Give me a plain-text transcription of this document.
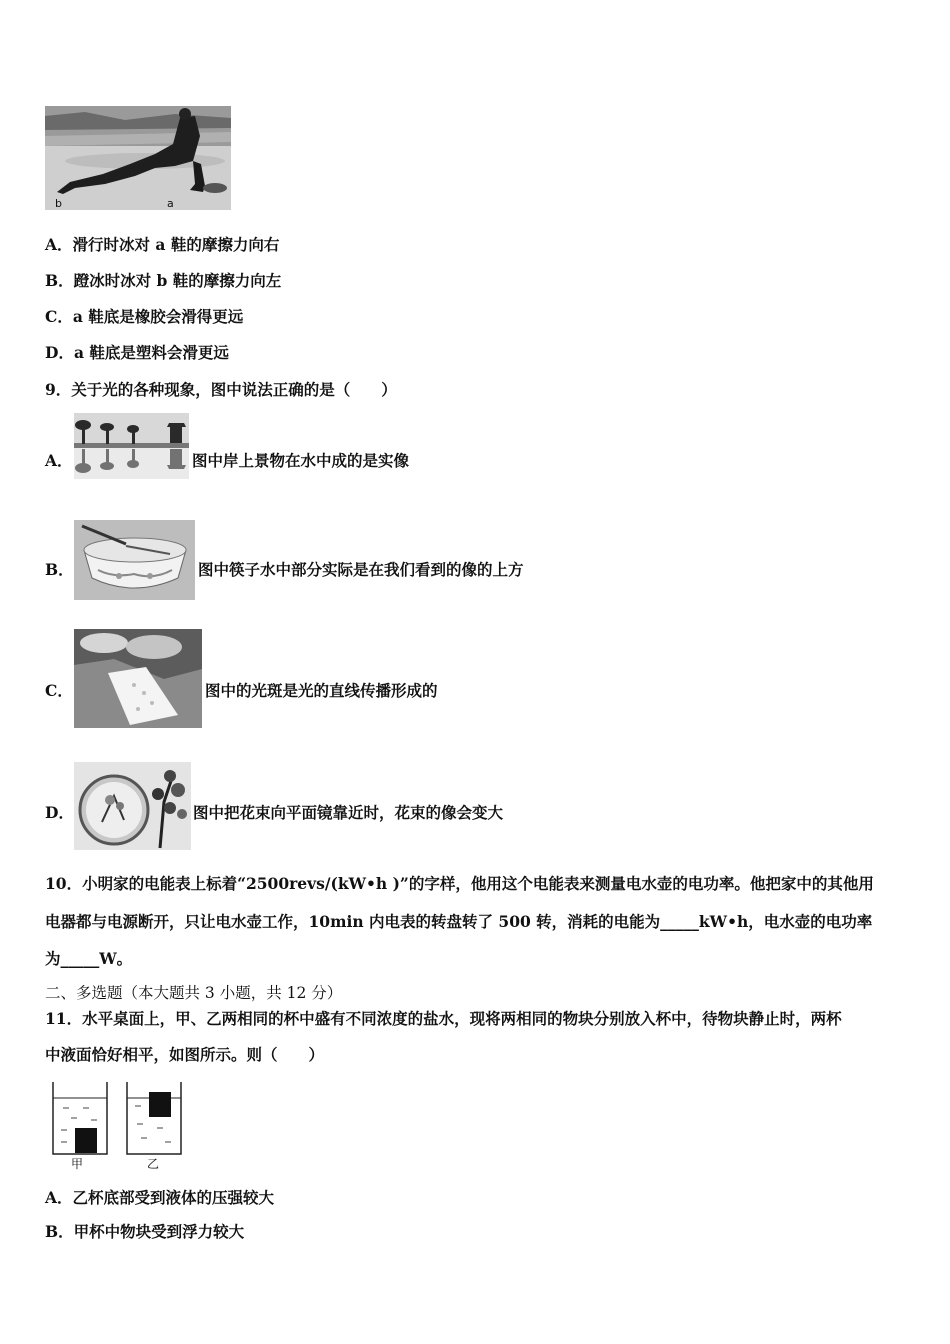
b	a
A．滑行时冰对 a 鞋的摩擦力向右
B．蹬冰时冰对 b 鞋的摩擦力向左
C．a 鞋底是橡胶会滑得更远
D．a 鞋底是塑料会滑更远
9．关于光的各种现象，图中说法正确的是（　　）
A．	图中岸上景物在水中成的是实像
B．	图中筷子水中部分实际是在我们看到的像的上方
C．	图中的光斑是光的直线传播形成的
D．	图中把花束向平面镜靠近时，花束的像会变大
10．小明家的电能表上标着“2500revs/(kW•h )”的字样，他用这个电能表来测量电水壶的电功率。他把家中的其他用
电器都与电源断开，只让电水壶工作，10min 内电表的转盘转了 500 转，消耗的电能为_____kW•h，电水壶的电功率
为_____W。
二、多选题（本大题共 3 小题，共 12 分）
11．水平桌面上，甲、乙两相同的杯中盛有不同浓度的盐水，现将两相同的物块分别放入杯中，待物块静止时，两杯
中液面恰好相平，如图所示。则（　　）
甲	乙
A．乙杯底部受到液体的压强较大
B．甲杯中物块受到浮力较大
